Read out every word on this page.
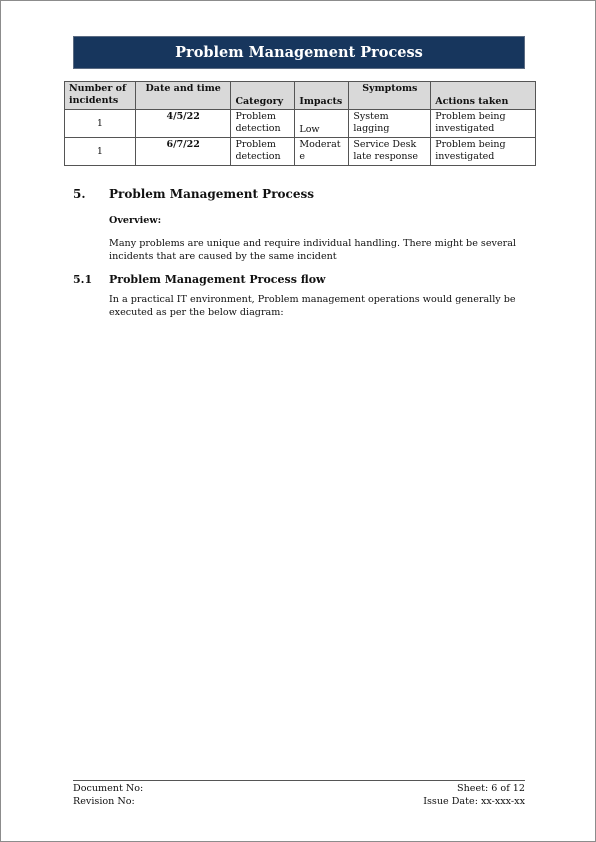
Problem Management Process
Number of incidents	Date and time	Category	Impacts	Symptoms	Actions taken
1	4/5/22	Problem detection	Low	System lagging	Problem being investigated
1	6/7/22	Problem detection	Moderate	Service Desk late response	Problem being investigated
5. Problem Management Process
Overview:
Many problems are unique and require individual handling. There might be several incidents that are caused by the same incident
5.1 Problem Management Process flow
In a practical IT environment, Problem management operations would generally be executed as per the below diagram:
Document No:	Sheet: 6 of 12
Revision No:	Issue Date: xx-xxx-xx
